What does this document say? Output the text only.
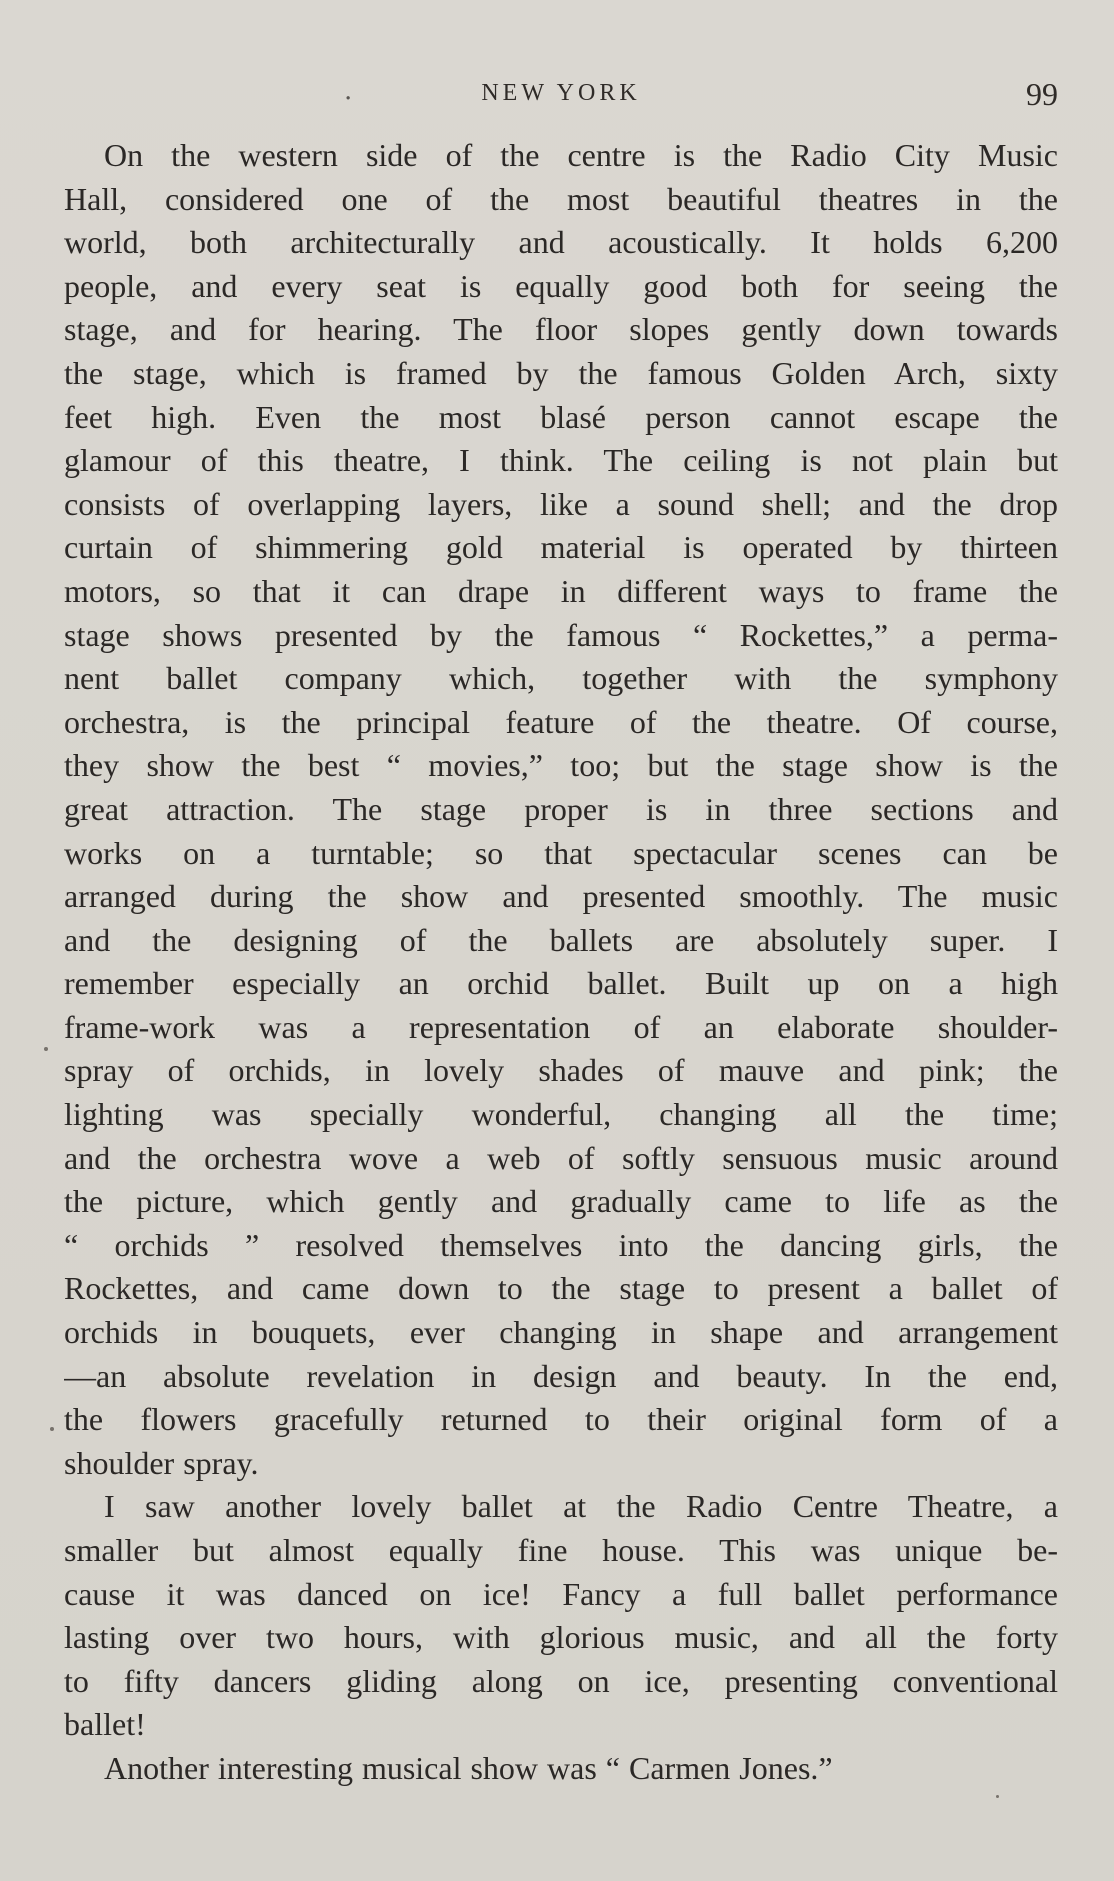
.	NEW YORK	99
On the western side of the centre is the Radio City Music
Hall, considered one of the most beautiful theatres in the
world, both architecturally and acoustically. It holds 6,200
people, and every seat is equally good both for seeing the
stage, and for hearing. The floor slopes gently down towards
the stage, which is framed by the famous Golden Arch, sixty
feet high. Even the most blasé person cannot escape the
glamour of this theatre, I think. The ceiling is not plain but
consists of overlapping layers, like a sound shell; and the drop
curtain of shimmering gold material is operated by thirteen
motors, so that it can drape in different ways to frame the
stage shows presented by the famous “ Rockettes,” a perma-
nent ballet company which, together with the symphony
orchestra, is the principal feature of the theatre. Of course,
they show the best “ movies,” too; but the stage show is the
great attraction. The stage proper is in three sections and
works on a turntable; so that spectacular scenes can be
arranged during the show and presented smoothly. The music
and the designing of the ballets are absolutely super. I
remember especially an orchid ballet. Built up on a high
frame-work was a representation of an elaborate shoulder-
spray of orchids, in lovely shades of mauve and pink; the
lighting was specially wonderful, changing all the time;
and the orchestra wove a web of softly sensuous music around
the picture, which gently and gradually came to life as the
“ orchids ” resolved themselves into the dancing girls, the
Rockettes, and came down to the stage to present a ballet of
orchids in bouquets, ever changing in shape and arrangement
—an absolute revelation in design and beauty. In the end,
the flowers gracefully returned to their original form of a
shoulder spray.
I saw another lovely ballet at the Radio Centre Theatre, a
smaller but almost equally fine house. This was unique be-
cause it was danced on ice! Fancy a full ballet performance
lasting over two hours, with glorious music, and all the forty
to fifty dancers gliding along on ice, presenting conventional
ballet!
Another interesting musical show was “ Carmen Jones.”
